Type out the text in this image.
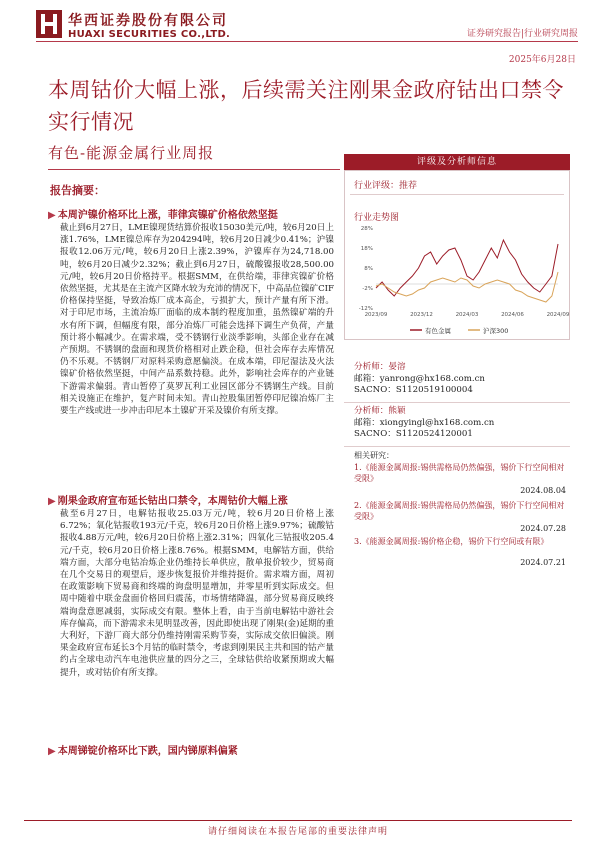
华西证券股份有限公司
HUAXI SECURITIES CO.,LTD.	证券研究报告|行业研究周报
2025年6月28日
本周钴价大幅上涨，后续需关注刚果金政府钴出口禁令实行情况
有色-能源金属行业周报
报告摘要：
▶ 本周沪镍价格环比上涨，菲律宾镍矿价格依然坚挺
截止到6月27日，LME镍现货结算价报收15030美元/吨，较6月20日上涨1.76%，LME镍总库存为204294吨，较6月20日减少0.41%；沪镍报收12.06万元/吨，较6月20日上涨2.39%，沪镍库存为24,718.00吨，较6月20日减少2.32%；截止到6月27日，硫酸镍报收28,500.00元/吨，较6月20日价格持平。根据SMM，在供给端，菲律宾镍矿价格依然坚挺，尤其是在主流产区降水较为充沛的情况下，中高品位镍矿CIF价格保持坚挺，导致冶炼厂成本高企，亏损扩大，预计产量有所下滑。对于印尼市场，主流冶炼厂面临的成本制约程度加重，虽然镍矿端的升水有所下调，但幅度有限，部分冶炼厂可能会选择下调生产负荷，产量预计将小幅减少。在需求端，受不锈钢行业淡季影响，头部企业存在减产预期。不锈钢的盘面和现货价格相对止跌企稳，但社会库存去库情况仍不乐观。不锈钢厂对原料采购意愿偏淡。在成本端，印尼湿法及火法镍矿价格依然坚挺，中间产品系数持稳。此外，影响社会库存的产业链下游需求偏弱。青山暂停了莫罗瓦利工业园区部分不锈钢生产线。目前相关设施正在维护，复产时间未知。青山控股集团暂停印尼镍冶炼厂主要生产线或进一步冲击印尼本土镍矿开采及镍价有所支撑。
▶ 刚果金政府宣布延长钴出口禁令，本周钴价大幅上涨
截至6月27日，电解钴报收25.03万元/吨，较6月20日价格上涨6.72%；氧化钴报收193元/千克，较6月20日价格上涨9.97%；硫酸钴报收4.88万元/吨，较6月20日价格上涨2.31%；四氧化三钴报收205.4元/千克，较6月20日价格上涨8.76%。根据SMM，电解钴方面，供给端方面，大部分电钴冶炼企业仍维持长单供应，散单报价较少，贸易商在几个交易日的观望后，逐步恢复报价并维持挺价。需求端方面，周初在政策影响下贸易商和终端的询盘明显增加，并零星听到实际成交。但周中随着中联金盘面价格回归震荡，市场情绪降温，部分贸易商反映终端询盘意愿减弱，实际成交有限。整体上看，由于当前电解钴中游社会库存偏高，而下游需求未见明显改善，因此即使出现了刚果(金)延期的重大利好，下游厂商大部分仍维持刚需采购节奏，实际成交依旧偏淡。刚果金政府宣布延长3个月钴的临时禁令，考虑到刚果民主共和国的钴产量约占全球电动汽车电池供应量的四分之三，全球钴供给收紧预期或大幅提升，或对钴价有所支撑。
▶ 本周锑锭价格环比下跌，国内锑原料偏紧
评级及分析师信息
行业评级：推荐
行业走势图
28%
18%
8%
-2%
-12%
2023/09	2023/12	2024/03	2024/06	2024/09
有色金属	沪深300
分析师：晏溶
邮箱：yanrong@hx168.com.cn
SACNO：S1120519100004
分析师：熊颖
邮箱：xiongyingl@hx168.com.cn
SACNO：S1120524120001
相关研究：
1.《能源金属周报:锡供需格局仍然偏强，锡价下行空间相对受限》
2024.08.04
2.《能源金属周报:锡供需格局仍然偏强，锡价下行空间相对受限》
2024.07.28
3.《能源金属周报:锡价格企稳，锡价下行空间或有限》
2024.07.21
请仔细阅读在本报告尾部的重要法律声明
